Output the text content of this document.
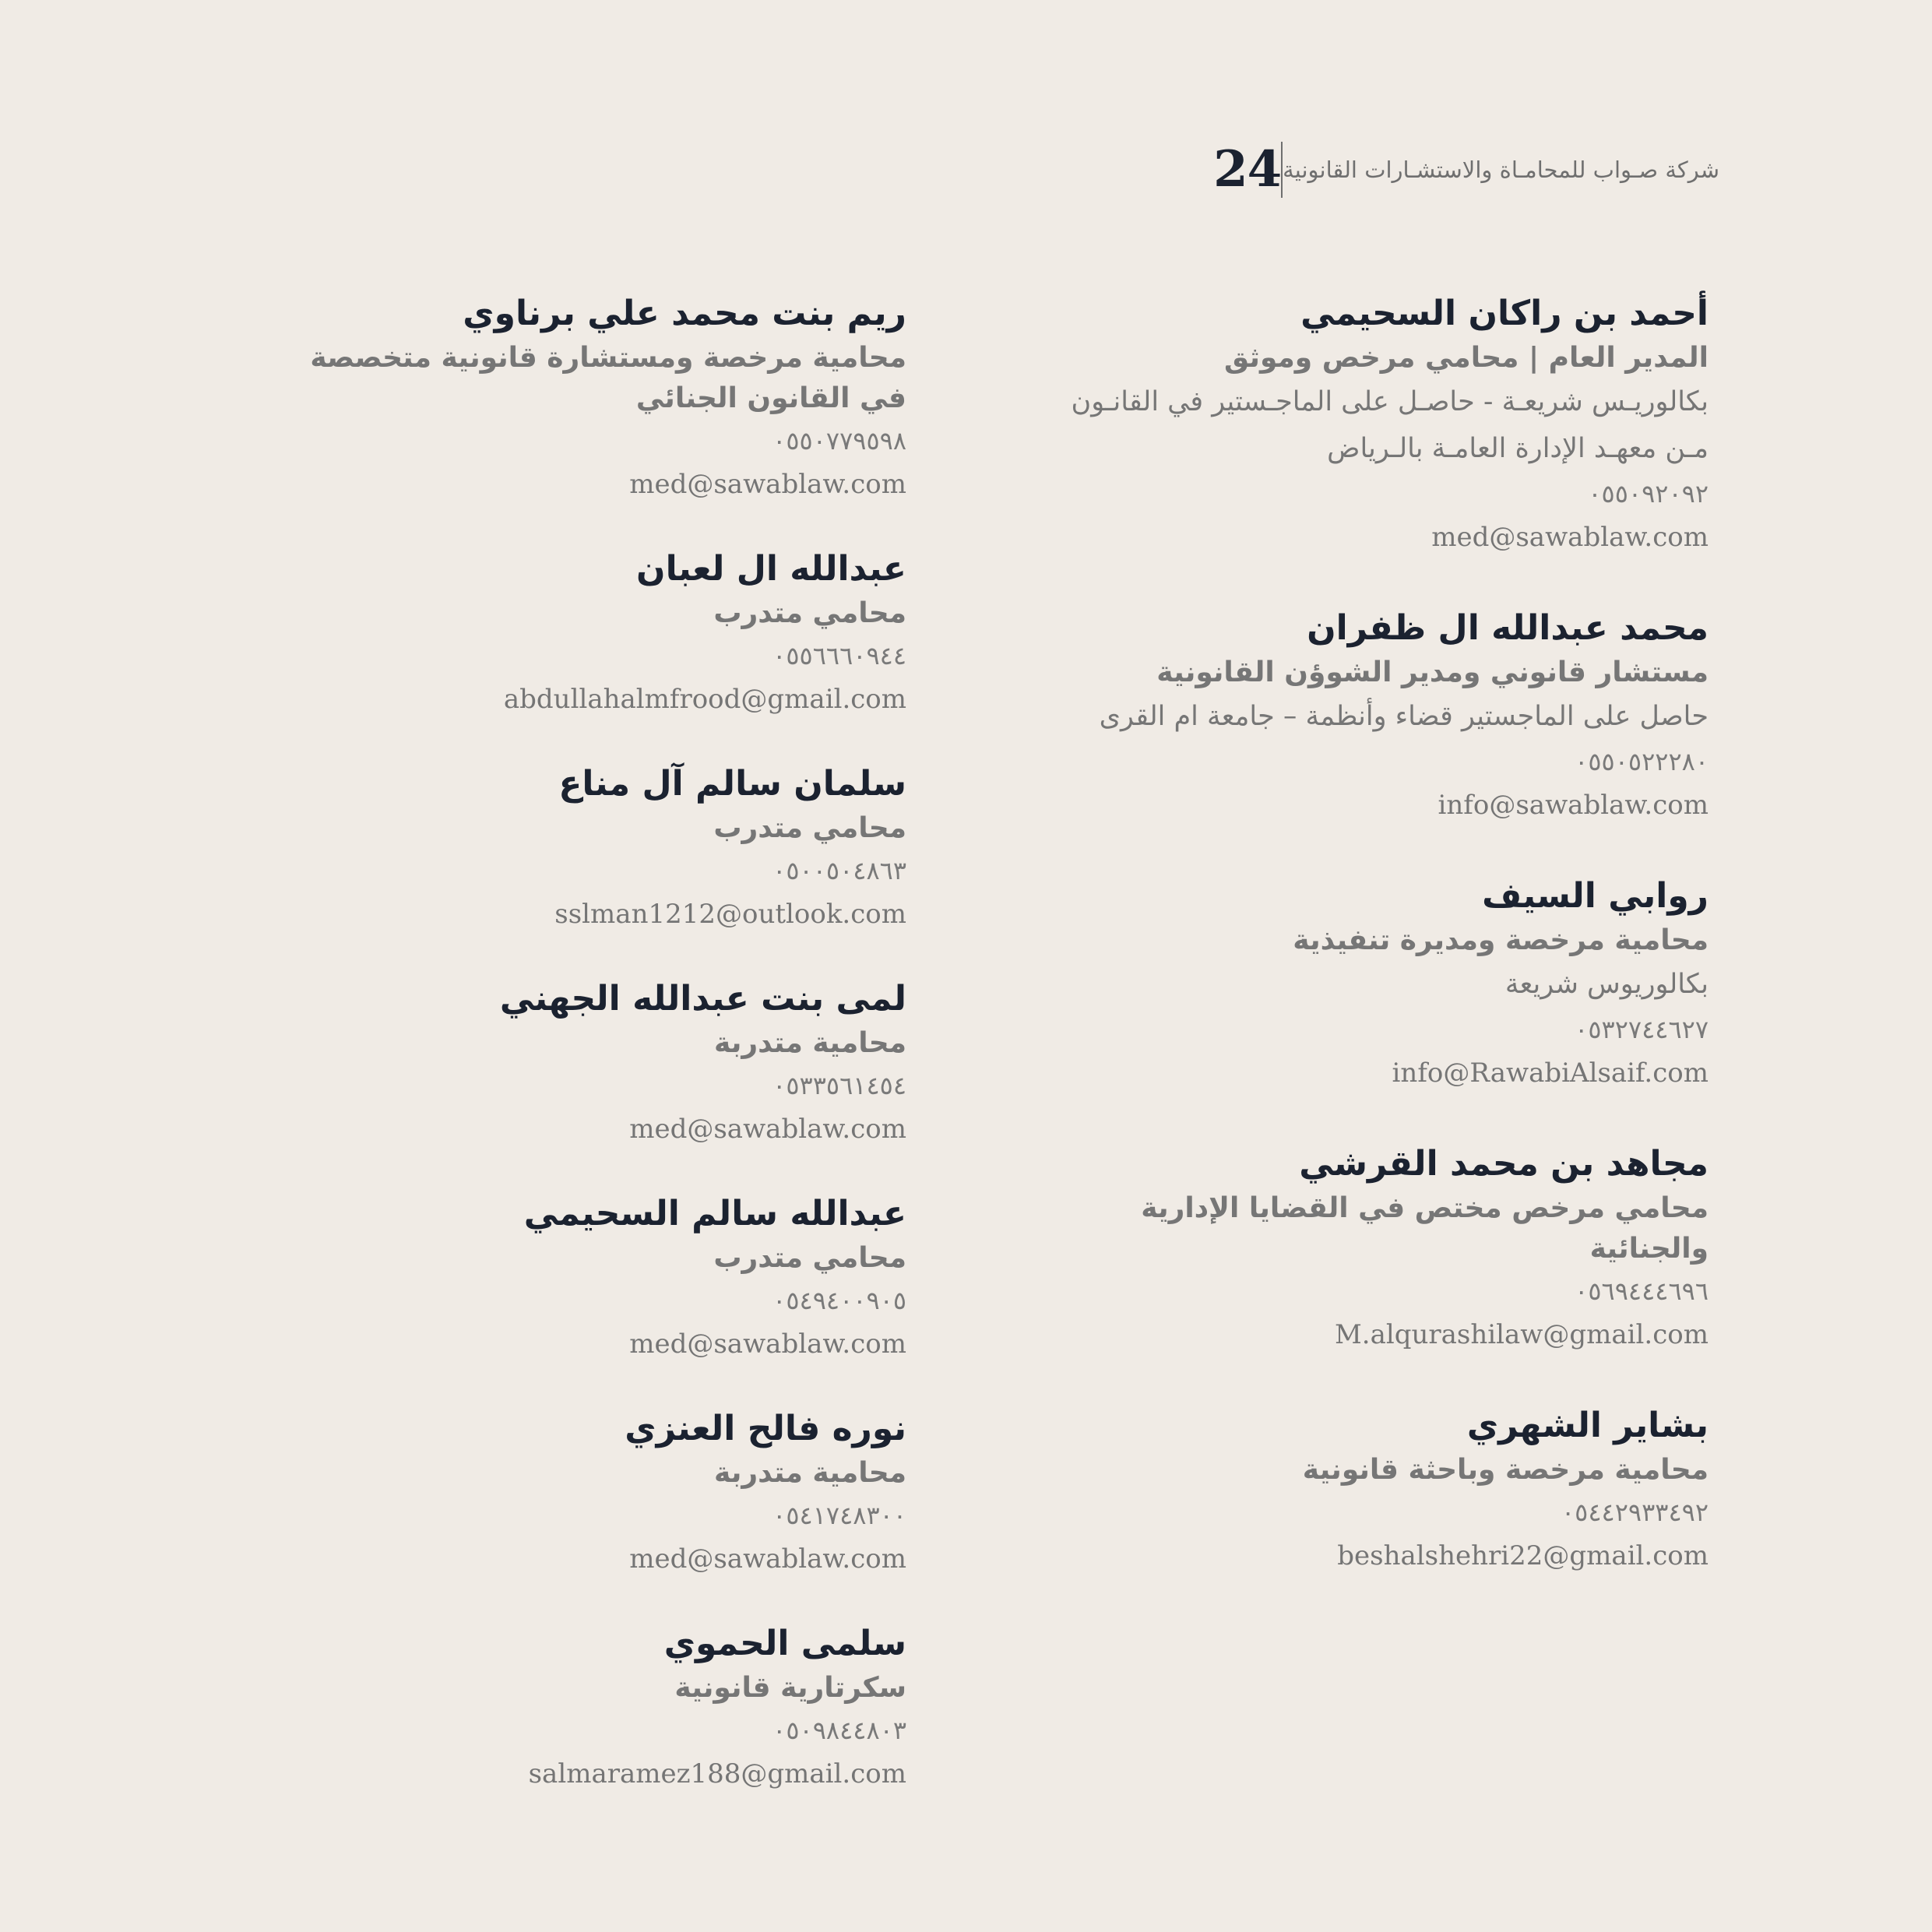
24 شركة صـواب للمحامـاة والاستشـارات القانونية
أحمد بن راكان السحيمي
المدير العام | محامي مرخص وموثق
بكالوريـس شريعـة - حاصـل على الماجـستير في القانـون مـن معهـد الإدارة العامـة بالـرياض
٠٥٥٠٩٢٠٩٢
med@sawablaw.com
محمد عبدالله ال ظفران
مستشار قانوني ومدير الشوؤن القانونية
حاصل على الماجستير قضاء وأنظمة – جامعة ام القرى
٠٥٥٠٥٢٢٢٨٠
info@sawablaw.com
روابي السيف
محامية مرخصة ومديرة تنفيذية
بكالوريوس شريعة
٠٥٣٢٧٤٤٦٢٧
info@RawabiAlsaif.com
مجاهد بن محمد القرشي
محامي مرخص مختص في القضايا الإدارية والجنائية
٠٥٦٩٤٤٤٦٩٦
M.alqurashilaw@gmail.com
بشاير الشهري
محامية مرخصة وباحثة قانونية
٠٥٤٤٢٩٣٣٤٩٢
beshalshehri22@gmail.com
ريم بنت محمد علي برناوي
محامية مرخصة ومستشارة قانونية متخصصة في القانون الجنائي
٠٥٥٠٧٧٩٥٩٨
med@sawablaw.com
عبدالله ال لعبان
محامي متدرب
٠٥٥٦٦٦٠٩٤٤
abdullahalmfrood@gmail.com
سلمان سالم آل مناع
محامي متدرب
٠٥٠٠٥٠٤٨٦٣
sslman1212@outlook.com
لمى بنت عبدالله الجهني
محامية متدربة
٠٥٣٣٥٦١٤٥٤
med@sawablaw.com
عبدالله سالم السحيمي
محامي متدرب
٠٥٤٩٤٠٠٩٠٥
med@sawablaw.com
نوره فالح العنزي
محامية متدربة
٠٥٤١٧٤٨٣٠٠
med@sawablaw.com
سلمى الحموي
سكرتارية قانونية
٠٥٠٩٨٤٤٨٠٣
salmaramez188@gmail.com
